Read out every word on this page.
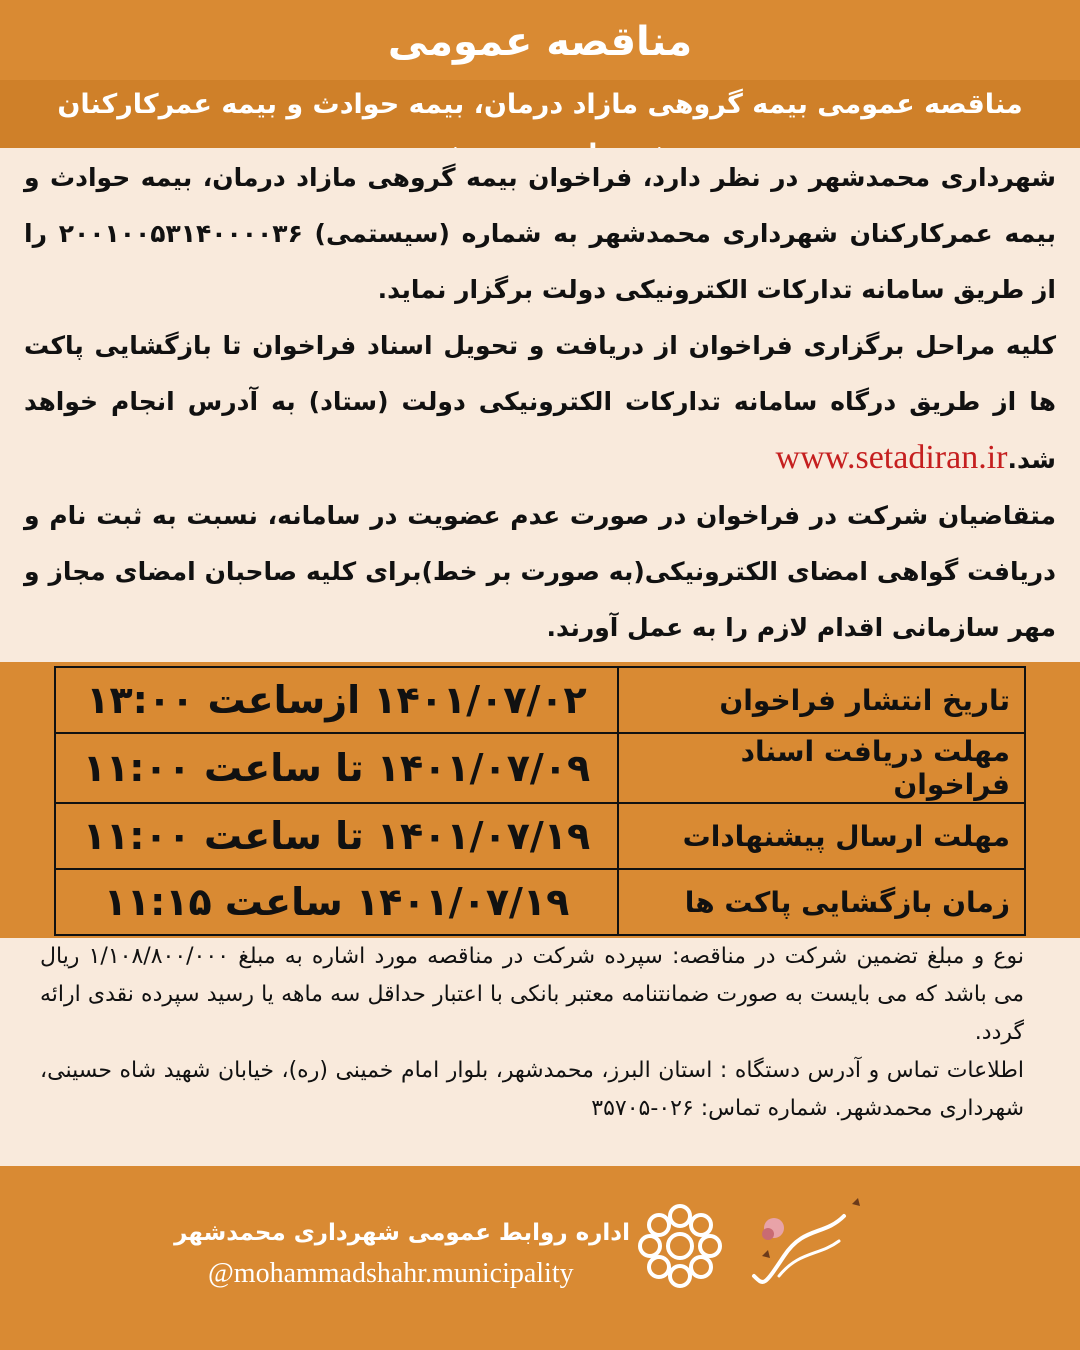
مناقصه عمومی
مناقصه عمومی بیمه گروهی مازاد درمان، بیمه حوادث و بیمه عمرکارکنان

شهرداری محمدشهر در نظر دارد، فراخوان بیمه گروهی مازاد درمان، بیمه حوادث و بیمه عمرکارکنان شهرداری محمدشهر به شماره (سیستمی) ۲۰۰۱۰۰۵۳۱۴۰۰۰۰۳۶ را از طریق سامانه تدارکات الکترونیکی دولت برگزار نماید.

کلیه مراحل برگزاری فراخوان از دریافت و تحویل اسناد فراخوان تا بازگشایی پاکت ها از طریق درگاه سامانه تدارکات الکترونیکی دولت (ستاد) به آدرس انجام خواهد شد.www.setadiran.ir

متقاضیان شرکت در فراخوان در صورت عدم عضویت در سامانه، نسبت به ثبت نام و دریافت گواهی امضای الکترونیکی(به صورت بر خط)برای کلیه صاحبان امضای مجاز و مهر سازمانی اقدام لازم را به عمل آورند.

تاریخ انتشار فراخوان	۱۴۰۱/۰۷/۰۲ ازساعت ۱۳:۰۰
مهلت دریافت اسناد فراخوان	۱۴۰۱/۰۷/۰۹ تا ساعت ۱۱:۰۰
مهلت ارسال پیشنهادات	۱۴۰۱/۰۷/۱۹ تا ساعت ۱۱:۰۰
زمان بازگشایی پاکت ها	۱۴۰۱/۰۷/۱۹ ساعت ۱۱:۱۵

نوع و مبلغ تضمین شرکت در مناقصه: سپرده شرکت در مناقصه مورد اشاره به مبلغ ۱/۱۰۸/۸۰۰/۰۰۰ ریال می باشد که می بایست به صورت ضمانتنامه معتبر بانکی با اعتبار حداقل سه ماهه یا رسید سپرده نقدی ارائه گردد.

اطلاعات تماس و آدرس دستگاه : استان البرز، محمدشهر، بلوار امام خمینی (ره)، خیابان شهید شاه حسینی، شهرداری محمدشهر. شماره تماس: ۰۲۶-۳۵۷۰۵

اداره روابط عمومی شهرداری محمدشهر
@mohammadshahr.municipality
